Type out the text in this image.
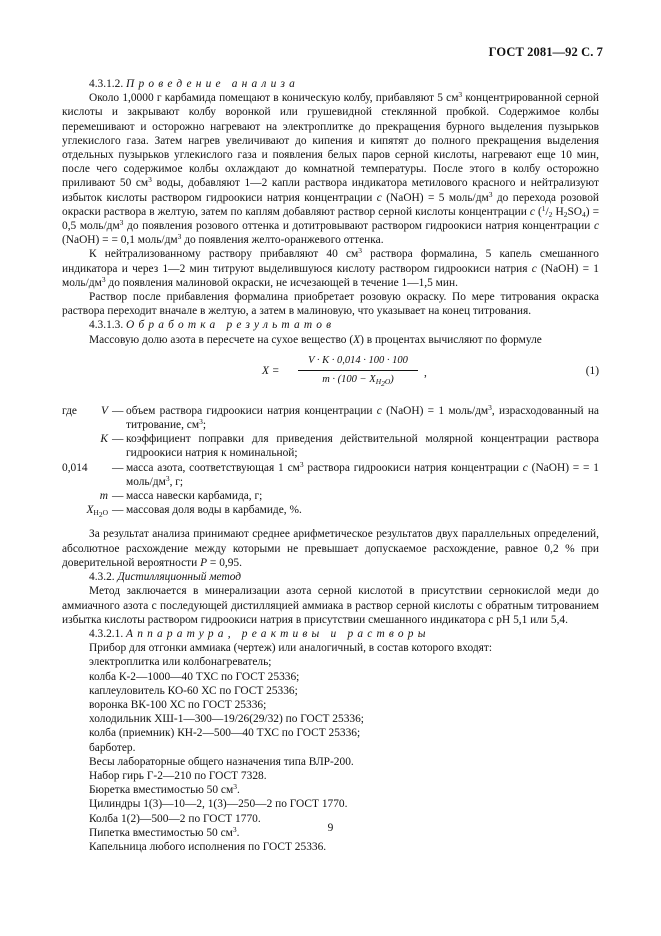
ГОСТ 2081—92 С. 7

4.3.1.2. Проведение анализа

Около 1,0000 г карбамида помещают в коническую колбу, прибавляют 5 $см^3$ концентрированной серной кислоты и закрывают колбу воронкой или грушевидной стеклянной пробкой. Содержимое колбы перемешивают и осторожно нагревают на электроплитке до прекращения бурного выделения пузырьков углекислого газа. Затем нагрев увеличивают до кипения и кипятят до полного прекращения выделения отдельных пузырьков углекислого газа и появления белых паров серной кислоты, нагревают еще 10 мин, после чего содержимое колбы охлаждают до комнатной температуры. После этого в колбу осторожно приливают 50 $см^3$ воды, добавляют 1—2 капли раствора индикатора метилового красного и нейтрализуют избыток кислоты раствором гидроокиси натрия концентрации c (NaOH) = 5 моль/$дм^3$ до перехода розовой окраски раствора в желтую, затем по каплям добавляют раствор серной кислоты концентрации c ($^1/_2$ $H_2SO_4) = 0,5$ моль/$дм^3$ до появления розового оттенка и дотитровывают раствором гидроокиси натрия концентрации c (NaOH) = = 0,1 моль/$дм^3$ до появления желто-оранжевого оттенка.

К нейтрализованному раствору прибавляют 40 $см^3$ раствора формалина, 5 капель смешанного индикатора и через 1—2 мин титруют выделившуюся кислоту раствором гидроокиси натрия c (NaOH) = 1 моль/$дм^3$ до появления малиновой окраски, не исчезающей в течение 1—1,5 мин.

Раствор после прибавления формалина приобретает розовую окраску. По мере титрования окраска раствора переходит вначале в желтую, а затем в малиновую, что указывает на конец титрования.

4.3.1.3. Обработка результатов

Массовую долю азота в пересчете на сухое вещество (X) в процентах вычисляют по формуле

$X = \frac{V \cdot K \cdot 0,014 \cdot 100 \cdot 100}{m \cdot (100 - X_{H_2O})}$ ,	(1)
где V — объем раствора гидроокиси натрия концентрации c (NaOH) = 1 моль/$дм^3$, израсходованный на титрование, $см^3$;
K — коэффициент поправки для приведения действительной молярной концентрации раствора гидроокиси натрия к номинальной;
0,014	— масса азота, соответствующая 1 $см^3$ раствора гидроокиси натрия концентрации c (NaOH) = = 1 моль/$дм^3$, г;
m — масса навески карбамида, г;
$X_{H_2O}$ — массовая доля воды в карбамиде, %.

За результат анализа принимают среднее арифметическое результатов двух параллельных определений, абсолютное расхождение между которыми не превышает допускаемое расхождение, равное 0,2 % при доверительной вероятности P = 0,95.

4.3.2. Дистилляционный метод

Метод заключается в минерализации азота серной кислотой в присутствии сернокислой меди до аммиачного азота с последующей дистилляцией аммиака в раствор серной кислоты с обратным титрованием избытка кислоты раствором гидроокиси натрия в присутствии смешанного индикатора с pH 5,1 или 5,4.

4.3.2.1. Аппаратура, реактивы и растворы

Прибор для отгонки аммиака (чертеж) или аналогичный, в состав которого входят:

электроплитка или колбонагреватель;

колба К-2—1000—40 ТХС по ГОСТ 25336;

каплеуловитель КО-60 ХС по ГОСТ 25336;

воронка ВК-100 ХС по ГОСТ 25336;

холодильник ХШ-1—300—19/26(29/32) по ГОСТ 25336;

колба (приемник) КН-2—500—40 ТХС по ГОСТ 25336;

барботер.

Весы лабораторные общего назначения типа ВЛР-200.

Набор гирь Г-2—210 по ГОСТ 7328.

Бюретка вместимостью 50 $см^3$.

Цилиндры 1(3)—10—2, 1(3)—250—2 по ГОСТ 1770.

Колба 1(2)—500—2 по ГОСТ 1770.

Пипетка вместимостью 50 $см^3$.

Капельница любого исполнения по ГОСТ 25336.

9
